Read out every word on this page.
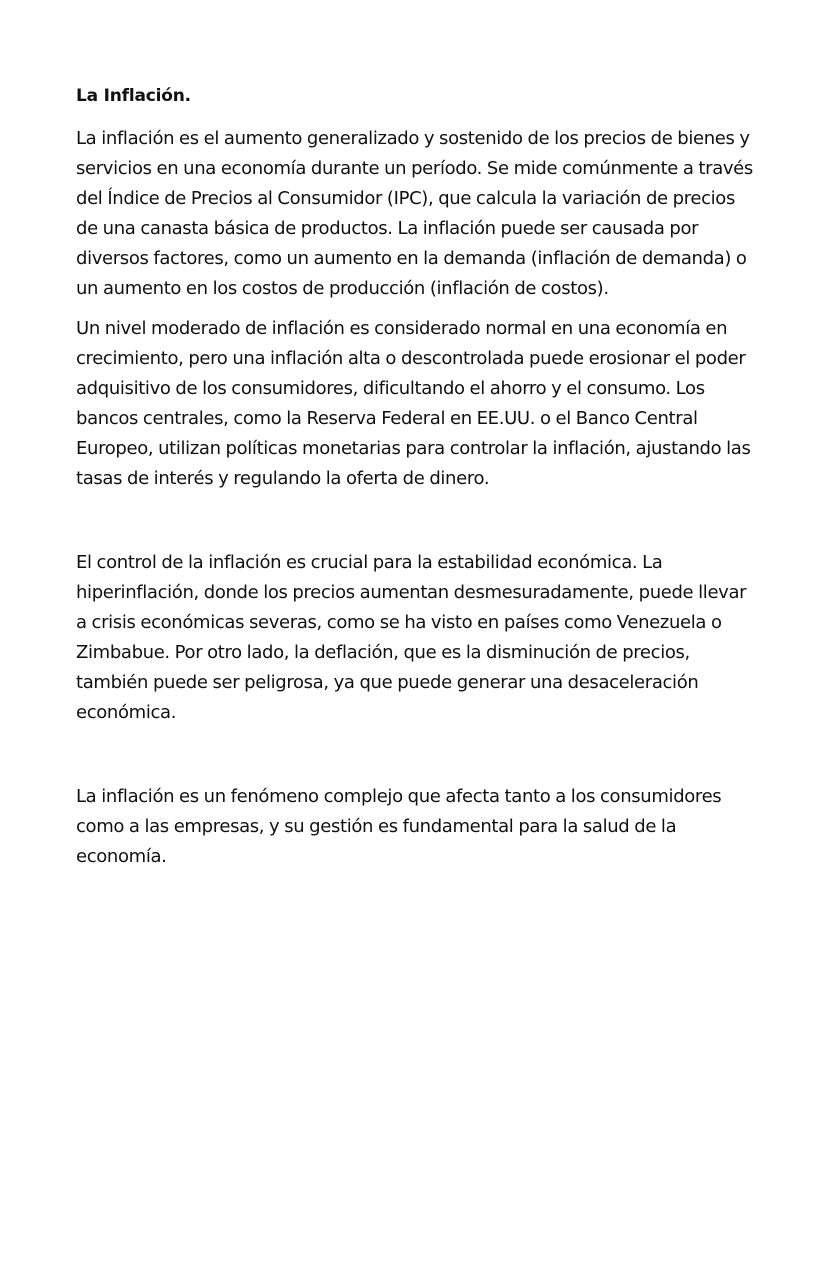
La Inflación.

La inflación es el aumento generalizado y sostenido de los precios de bienes y servicios en una economía durante un período. Se mide comúnmente a través del Índice de Precios al Consumidor (IPC), que calcula la variación de precios de una canasta básica de productos. La inflación puede ser causada por diversos factores, como un aumento en la demanda (inflación de demanda) o un aumento en los costos de producción (inflación de costos).

Un nivel moderado de inflación es considerado normal en una economía en crecimiento, pero una inflación alta o descontrolada puede erosionar el poder adquisitivo de los consumidores, dificultando el ahorro y el consumo. Los bancos centrales, como la Reserva Federal en EE.UU. o el Banco Central Europeo, utilizan políticas monetarias para controlar la inflación, ajustando las tasas de interés y regulando la oferta de dinero.

El control de la inflación es crucial para la estabilidad económica. La hiperinflación, donde los precios aumentan desmesuradamente, puede llevar a crisis económicas severas, como se ha visto en países como Venezuela o Zimbabue. Por otro lado, la deflación, que es la disminución de precios, también puede ser peligrosa, ya que puede generar una desaceleración económica.

La inflación es un fenómeno complejo que afecta tanto a los consumidores como a las empresas, y su gestión es fundamental para la salud de la economía.
